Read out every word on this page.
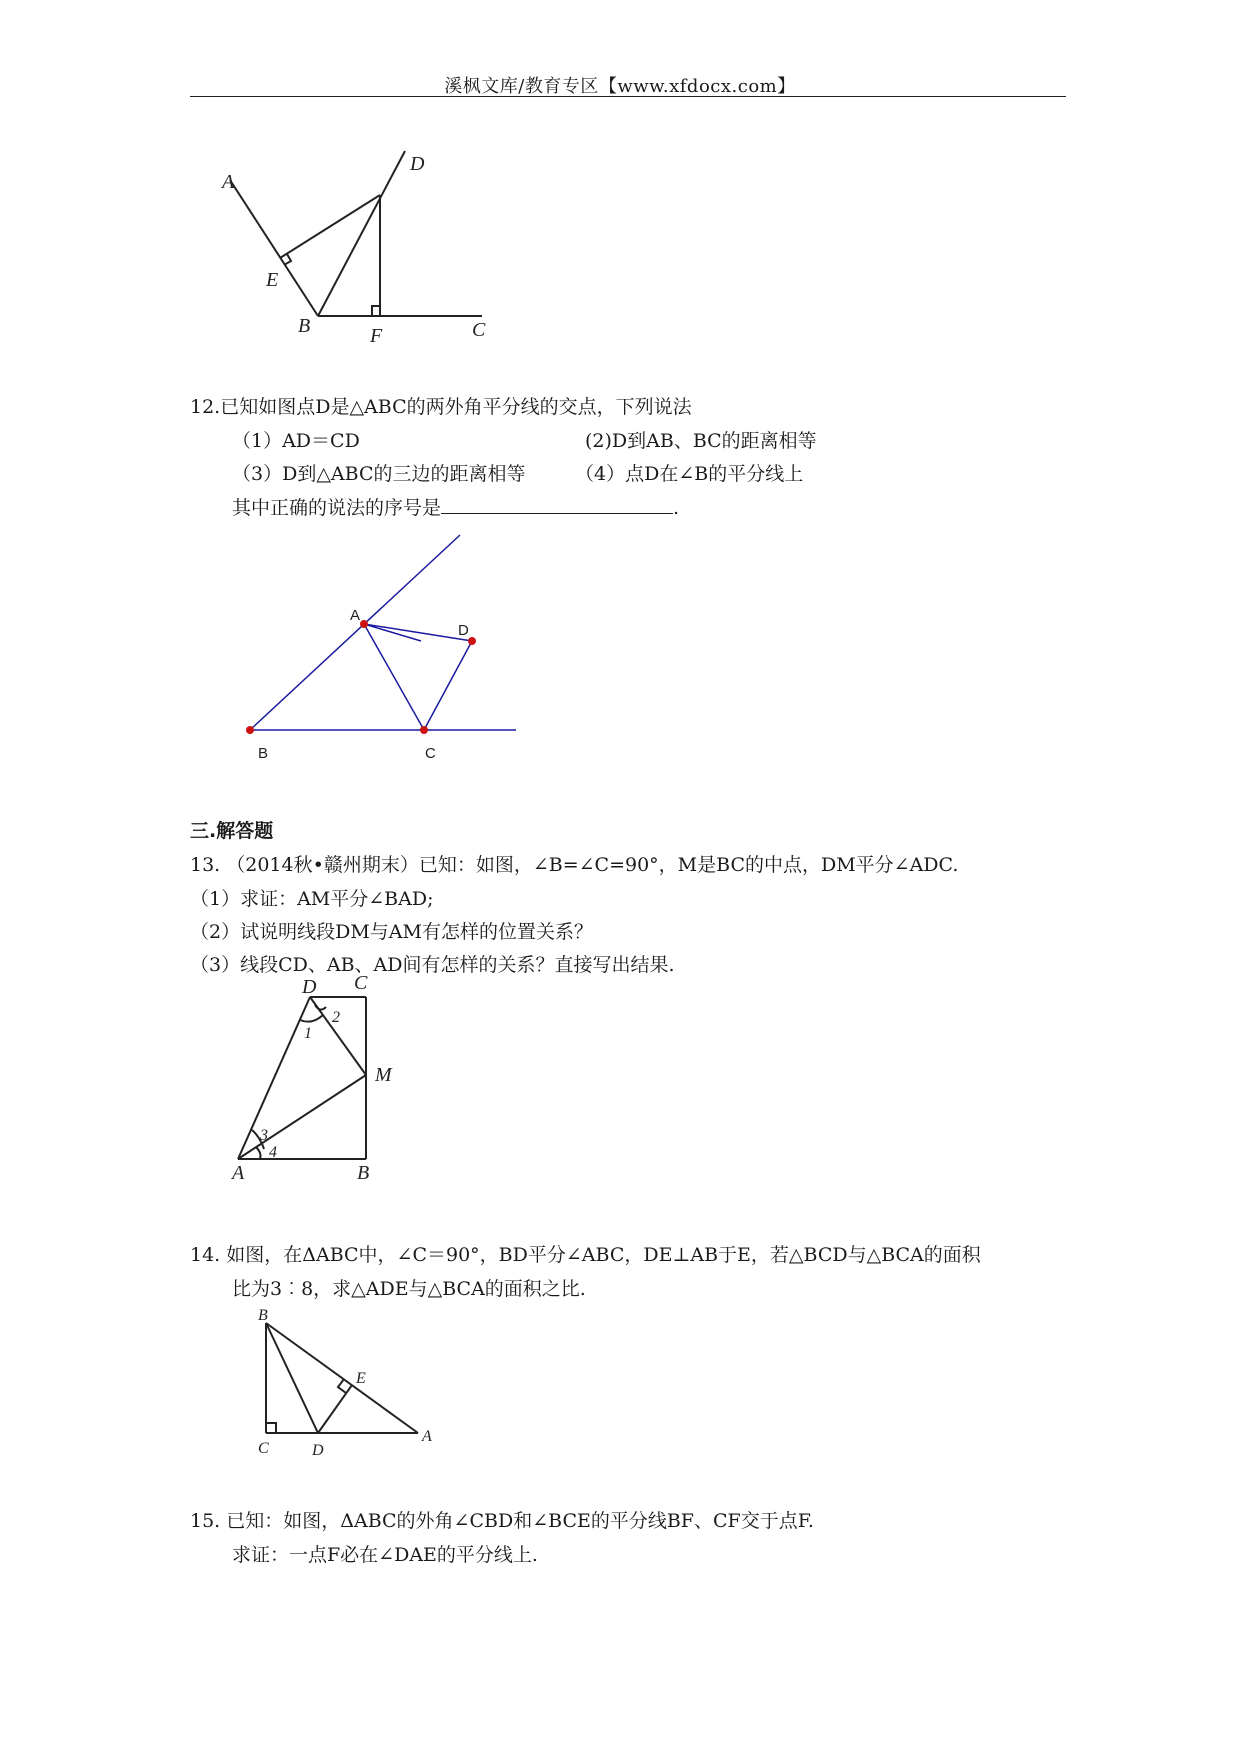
溪枫文库/教育专区【www.xfdocx.com】
A
D
E
B	F	C
12.已知如图点D是△ABC的两外角平分线的交点，下列说法
（1）AD＝CD	(2)D到AB、BC的距离相等
（3）D到△ABC的三边的距离相等	（4）点D在∠B的平分线上
其中正确的说法的序号是	.
A
D
B	C
三.解答题
13. （2014秋•赣州期末）已知：如图，∠B=∠C=90°，M是BC的中点，DM平分∠ADC.
（1）求证：AM平分∠BAD;
（2）试说明线段DM与AM有怎样的位置关系？
（3）线段CD、AB、AD间有怎样的关系？直接写出结果.
D C
2
1
M
3
4
A	B
14. 如图，在ΔABC中，∠C＝90°，BD平分∠ABC，DE⊥AB于E，若△BCD与△BCA的面积
比为3︰8，求△ADE与△BCA的面积之比.
B
E
C	D
A
15. 已知：如图，ΔABC的外角∠CBD和∠BCE的平分线BF、CF交于点F.
求证：一点F必在∠DAE的平分线上.
